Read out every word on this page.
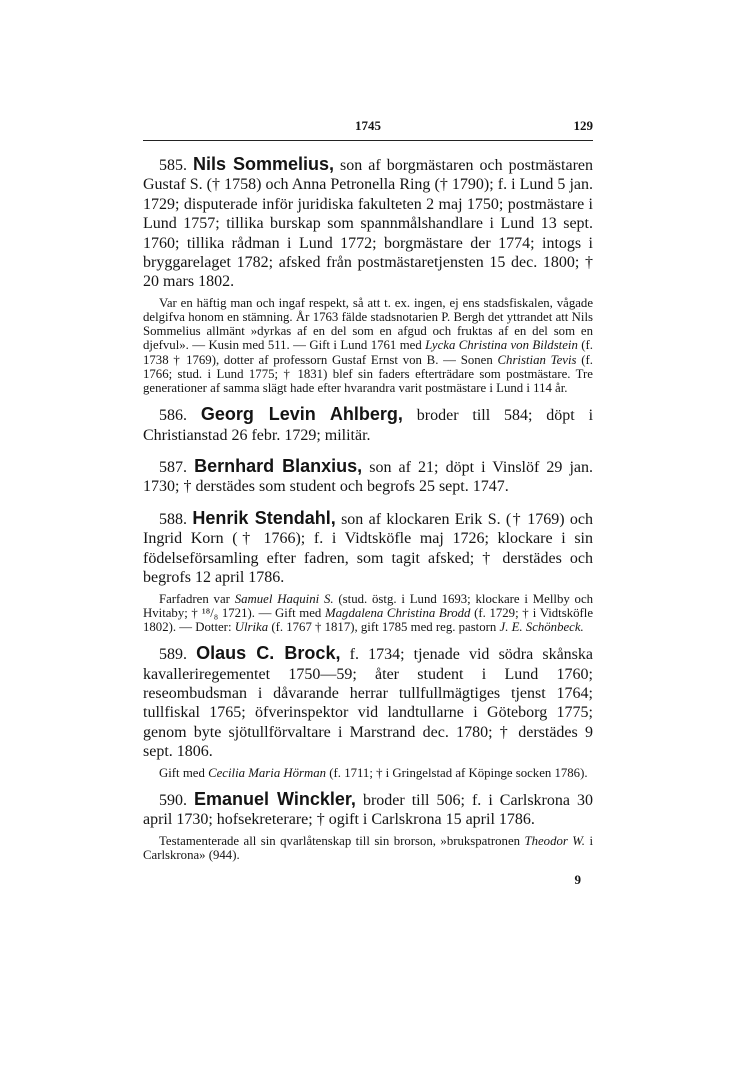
1745	129

585. Nils Sommelius, son af borgmästaren och postmästaren Gustaf S. († 1758) och Anna Petronella Ring († 1790); f. i Lund 5 jan. 1729; disputerade inför juridiska fakulteten 2 maj 1750; postmästare i Lund 1757; tillika burskap som spannmålshandlare i Lund 13 sept. 1760; tillika rådman i Lund 1772; borgmästare der 1774; intogs i bryggarelaget 1782; afsked från postmästaretjensten 15 dec. 1800; † 20 mars 1802.

Var en häftig man och ingaf respekt, så att t. ex. ingen, ej ens stadsfiskalen, vågade delgifva honom en stämning. År 1763 fälde stadsnotarien P. Bergh det yttrandet att Nils Sommelius allmänt »dyrkas af en del som en afgud och fruktas af en del som en djefvul». — Kusin med 511. — Gift i Lund 1761 med Lycka Christina von Bildstein (f. 1738 † 1769), dotter af professorn Gustaf Ernst von B. — Sonen Christian Tevis (f. 1766; stud. i Lund 1775; † 1831) blef sin faders efterträdare som postmästare. Tre generationer af samma slägt hade efter hvarandra varit postmästare i Lund i 114 år.

586. Georg Levin Ahlberg, broder till 584; döpt i Christianstad 26 febr. 1729; militär.

587. Bernhard Blanxius, son af 21; döpt i Vinslöf 29 jan. 1730; † derstädes som student och begrofs 25 sept. 1747.

588. Henrik Stendahl, son af klockaren Erik S. († 1769) och Ingrid Korn († 1766); f. i Vidtsköfle maj 1726; klockare i sin födelseförsamling efter fadren, som tagit afsked; † derstädes och begrofs 12 april 1786.

Farfadren var Samuel Haquini S. (stud. östg. i Lund 1693; klockare i Mellby och Hvitaby; † ¹⁸/₈ 1721). — Gift med Magdalena Christina Brodd (f. 1729; † i Vidtsköfle 1802). — Dotter: Ulrika (f. 1767 † 1817), gift 1785 med reg. pastorn J. E. Schönbeck.

589. Olaus C. Brock, f. 1734; tjenade vid södra skånska kavalleriregementet 1750—59; åter student i Lund 1760; reseombudsman i dåvarande herrar tullfullmägtiges tjenst 1764; tullfiskal 1765; öfverinspektor vid landtullarne i Göteborg 1775; genom byte sjötullförvaltare i Marstrand dec. 1780; † derstädes 9 sept. 1806.

Gift med Cecilia Maria Hörman (f. 1711; † i Gringelstad af Köpinge socken 1786).

590. Emanuel Winckler, broder till 506; f. i Carlskrona 30 april 1730; hofsekreterare; † ogift i Carlskrona 15 april 1786.

Testamenterade all sin qvarlåtenskap till sin brorson, »brukspatronen Theodor W. i Carlskrona» (944).

9
